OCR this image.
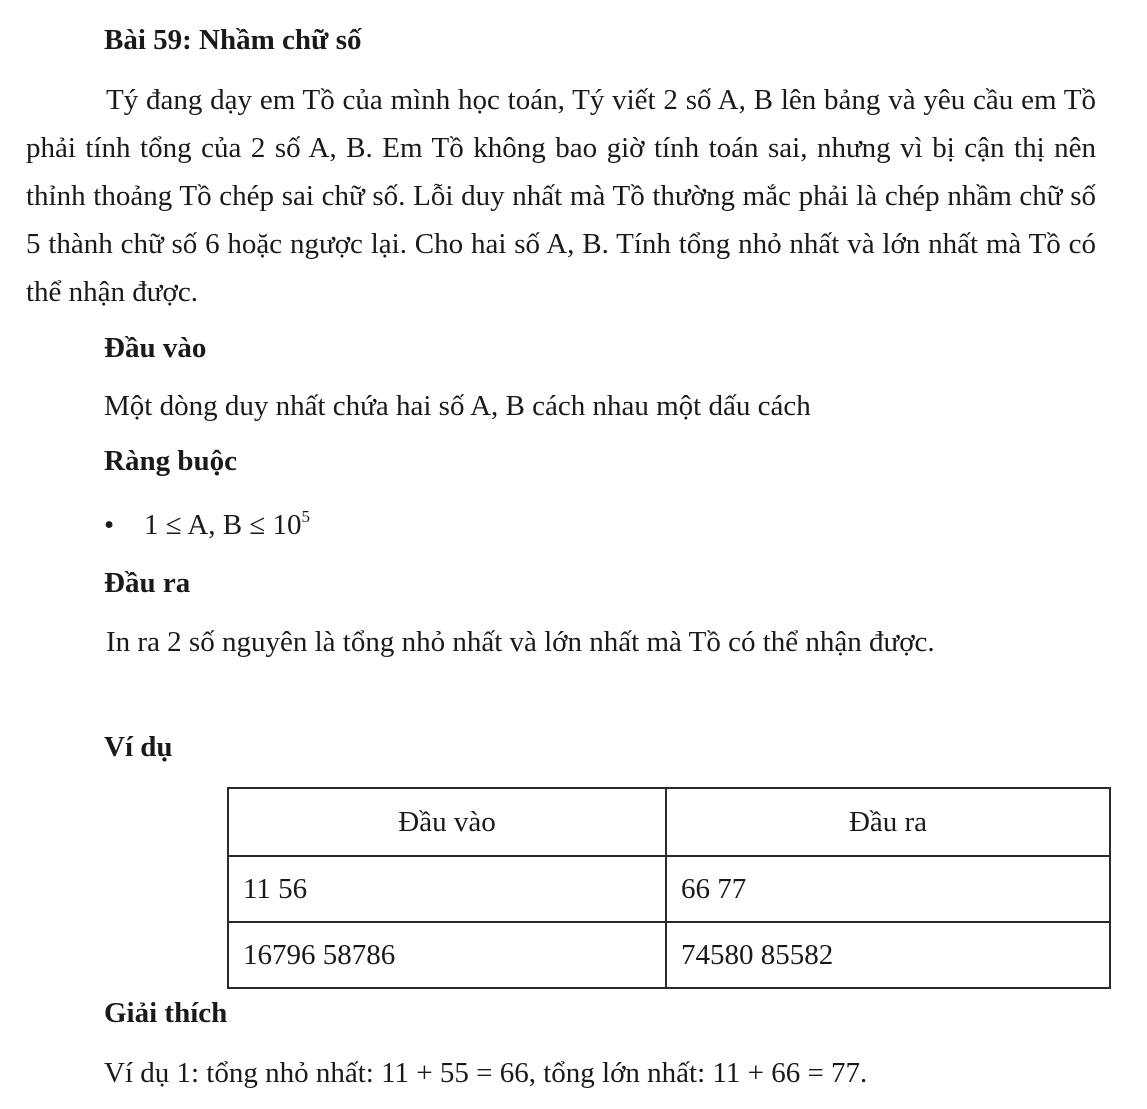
Bài 59: Nhầm chữ số

Tý đang dạy em Tồ của mình học toán, Tý viết 2 số A, B lên bảng và yêu cầu em Tồ phải tính tổng của 2 số A, B. Em Tồ không bao giờ tính toán sai, nhưng vì bị cận thị nên thỉnh thoảng Tồ chép sai chữ số. Lỗi duy nhất mà Tồ thường mắc phải là chép nhầm chữ số 5 thành chữ số 6 hoặc ngược lại. Cho hai số A, B. Tính tổng nhỏ nhất và lớn nhất mà Tồ có thể nhận được.

Đầu vào
Một dòng duy nhất chứa hai số A, B cách nhau một dấu cách
Ràng buộc
• 1 ≤ A, $B \le 10^5$
Đầu ra

In ra 2 số nguyên là tổng nhỏ nhất và lớn nhất mà Tồ có thể nhận được.

Ví dụ
Đầu vào	Đầu ra
11 56	66 77
16796 58786	74580 85582
Giải thích
Ví dụ 1: tổng nhỏ nhất: 11 + 55 = 66, tổng lớn nhất: 11 + 66 = 77.
